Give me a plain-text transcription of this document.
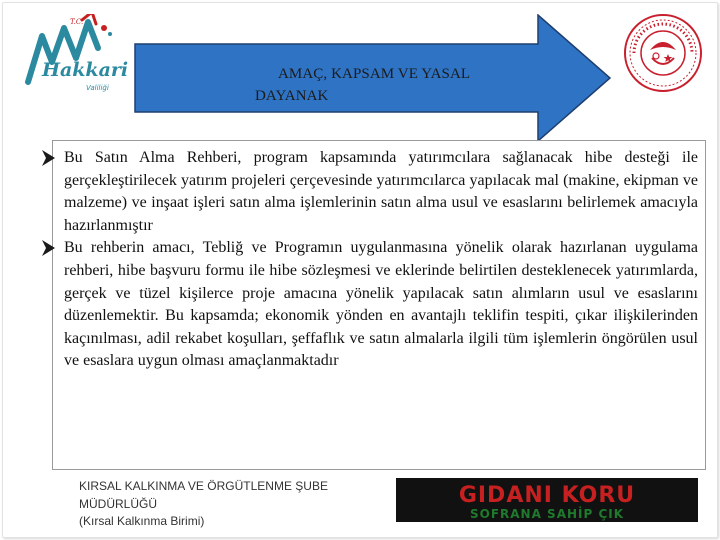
T.C.
Hakkari
Valiliği
AMAÇ, KAPSAM VE YASAL
DAYANAK
Bu Satın Alma Rehberi, program kapsamında yatırımcılara sağlanacak hibe desteği ile gerçekleştirilecek yatırım projeleri çerçevesinde yatırımcılarca yapılacak mal (makine, ekipman ve malzeme) ve inşaat işleri satın alma işlemlerinin satın alma usul ve esaslarını belirlemek amacıyla hazırlanmıştır
Bu rehberin amacı, Tebliğ ve Programın uygulanmasına yönelik olarak hazırlanan uygulama rehberi, hibe başvuru formu ile hibe sözleşmesi ve eklerinde belirtilen desteklenecek yatırımlarda, gerçek ve tüzel kişilerce proje amacına yönelik yapılacak satın alımların usul ve esaslarını düzenlemektir. Bu kapsamda; ekonomik yönden en avantajlı teklifin tespiti, çıkar ilişkilerinden kaçınılması, adil rekabet koşulları, şeffaflık ve satın almalarla ilgili tüm işlemlerin öngörülen usul ve esaslara uygun olması amaçlanmaktadır
KIRSAL KALKINMA VE ÖRGÜTLENME ŞUBE
MÜDÜRLÜĞÜ
(Kırsal Kalkınma Birimi)
GIDANI KORU
SOFRANA SAHİP ÇIK
